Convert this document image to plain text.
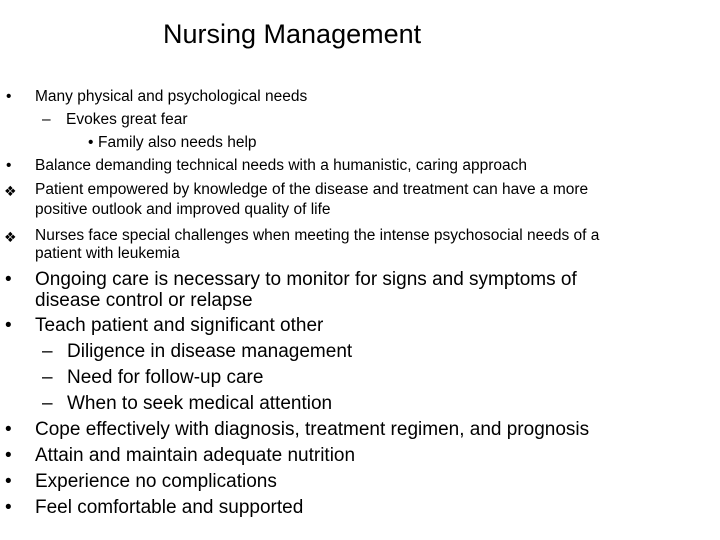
Nursing Management
• Many physical and psychological needs

– Evokes great fear

• Family also needs help

• Balance demanding technical needs with a humanistic, caring approach

❖ Patient empowered by knowledge of the disease and treatment can have a more

positive outlook and improved quality of life

❖ Nurses face special challenges when meeting the intense psychosocial needs of a

patient with leukemia

• Ongoing care is necessary to monitor for signs and symptoms of

disease control or relapse

• Teach patient and significant other

– Diligence in disease management

– Need for follow-up care

– When to seek medical attention

• Cope effectively with diagnosis, treatment regimen, and prognosis

• Attain and maintain adequate nutrition

• Experience no complications

• Feel comfortable and supported
